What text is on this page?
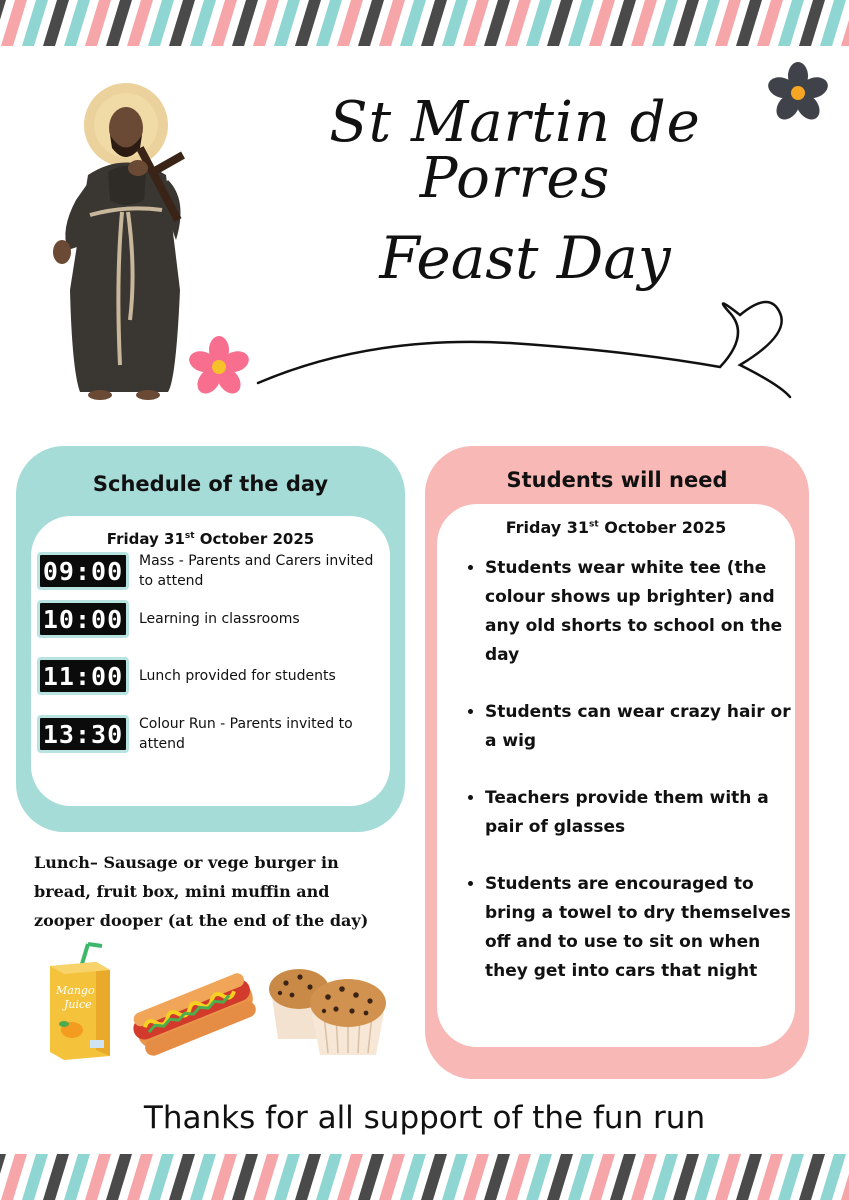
St Martin de Porres
Feast Day
Schedule of the day
Friday 31st October 2025
09:00	Mass - Parents and Carers invited to attend
10:00	Learning in classrooms
11:00	Lunch provided for students
13:30	Colour Run - Parents invited to attend
Students will need
Friday 31st October 2025
• Students wear white tee (the colour shows up brighter) and any old shorts to school on the day
• Students can wear crazy hair or a wig
• Teachers provide them with a pair of glasses
• Students are encouraged to bring a towel to dry themselves off and to use to sit on when they get into cars that night
Lunch– Sausage or vege burger in bread, fruit box, mini muffin and zooper dooper (at the end of the day)
Mango
Juice
Thanks for all support of the fun run
